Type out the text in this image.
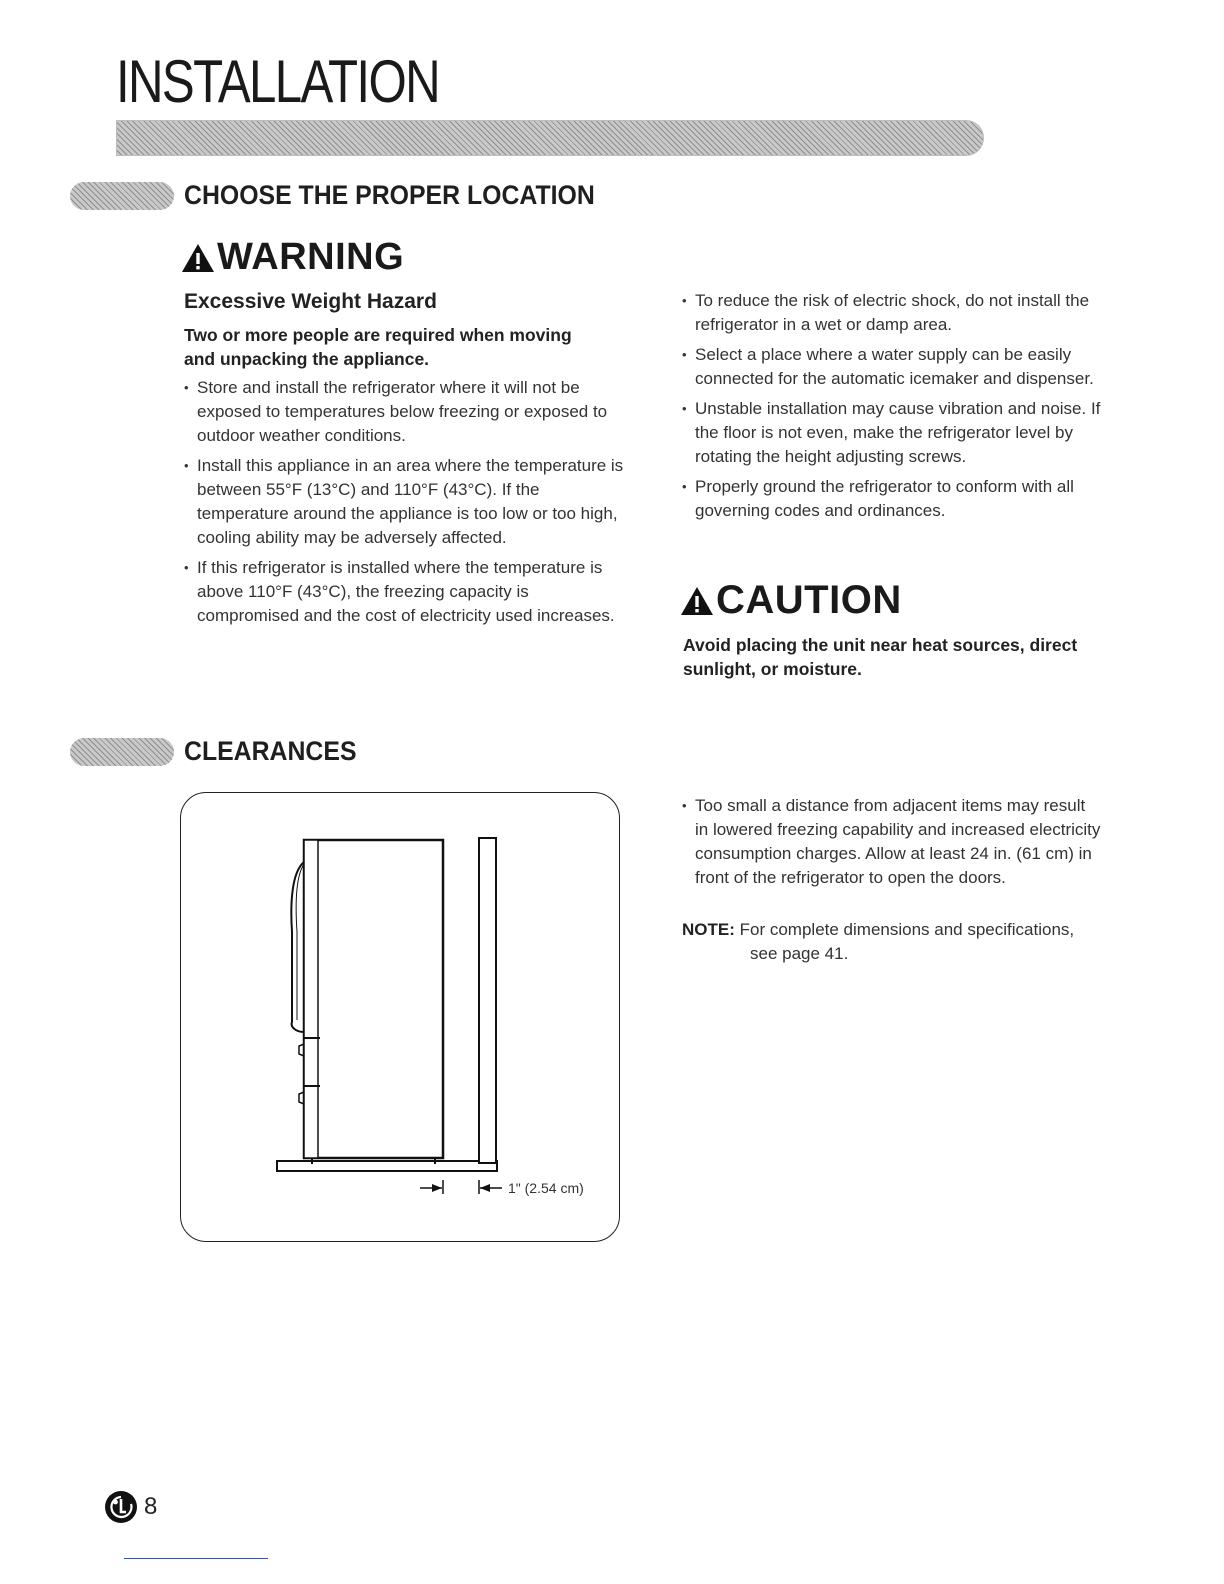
INSTALLATION
CHOOSE THE PROPER LOCATION
WARNING

Excessive Weight Hazard

Two or more people are required when moving and unpacking the appliance.

• Store and install the refrigerator where it will not be exposed to temperatures below freezing or exposed to outdoor weather conditions.
• Install this appliance in an area where the temperature is between 55°F (13°C) and 110°F (43°C). If the temperature around the appliance is too low or too high, cooling ability may be adversely affected.
• If this refrigerator is installed where the temperature is above 110°F (43°C), the freezing capacity is compromised and the cost of electricity used increases.
• To reduce the risk of electric shock, do not install the refrigerator in a wet or damp area.
• Select a place where a water supply can be easily connected for the automatic icemaker and dispenser.
• Unstable installation may cause vibration and noise. If the floor is not even, make the refrigerator level by rotating the height adjusting screws.
• Properly ground the refrigerator to conform with all governing codes and ordinances.
CAUTION

Avoid placing the unit near heat sources, direct sunlight, or moisture.

CLEARANCES
1" (2.54 cm)
• Too small a distance from adjacent items may result in lowered freezing capability and increased electricity consumption charges. Allow at least 24 in. (61 cm) in front of the refrigerator to open the doors.

NOTE: For complete dimensions and specifications,
see page 41.

8
